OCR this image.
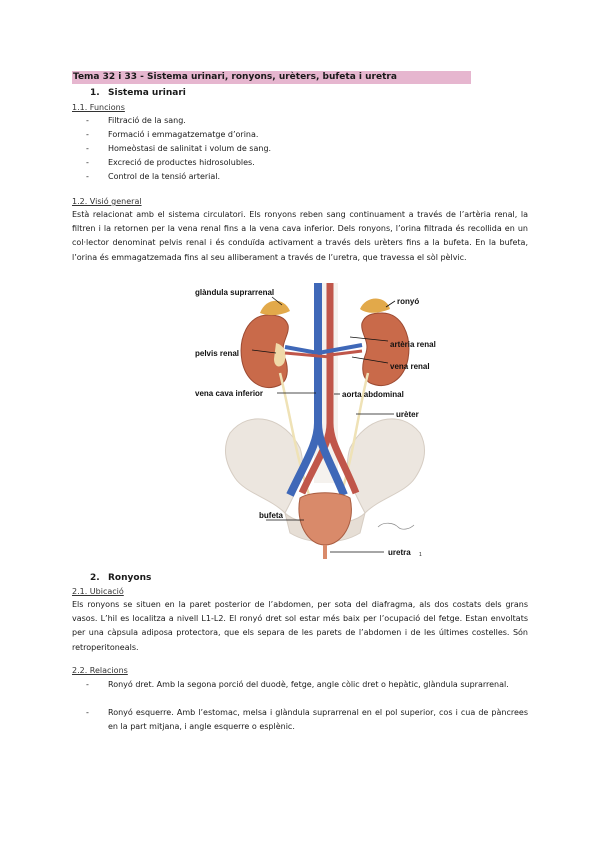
Tema 32 i 33 - Sistema urinari, ronyons, urèters, bufeta i uretra
1. Sistema urinari
1.1. Funcions
- Filtració de la sang.
- Formació i emmagatzematge d’orina.
- Homeòstasi de salinitat i volum de sang.
- Excreció de productes hidrosolubles.
- Control de la tensió arterial.
1.2. Visió general
Està relacionat amb el sistema circulatori. Els ronyons reben sang continuament a través de l’artèria renal, la filtren i la retornen per la vena renal fins a la vena cava inferior. Dels ronyons, l’orina filtrada és recollida en un col·lector denominat pelvis renal i és conduïda activament a través dels urèters fins a la bufeta. En la bufeta, l’orina és emmagatzemada fins al seu alliberament a través de l’uretra, que travessa el sòl pèlvic.
glàndula suprarrenal
ronyó
artèria renal
vena renal
pelvis renal
vena cava inferior	aorta abdominal
urèter
bufeta
uretra 1
2. Ronyons
2.1. Ubicació
Els ronyons se situen en la paret posterior de l’abdomen, per sota del diafragma, als dos costats dels grans vasos. L’hil es localitza a nivell L1-L2. El ronyó dret sol estar més baix per l’ocupació del fetge. Estan envoltats per una càpsula adiposa protectora, que els separa de les parets de l’abdomen i de les últimes costelles. Són retroperitoneals.
2.2. Relacions
- Ronyó dret. Amb la segona porció del duodè, fetge, angle còlic dret o hepàtic, glàndula suprarrenal.
- Ronyó esquerre. Amb l’estomac, melsa i glàndula suprarrenal en el pol superior, cos i cua de pàncrees en la part mitjana, i angle esquerre o esplènic.
